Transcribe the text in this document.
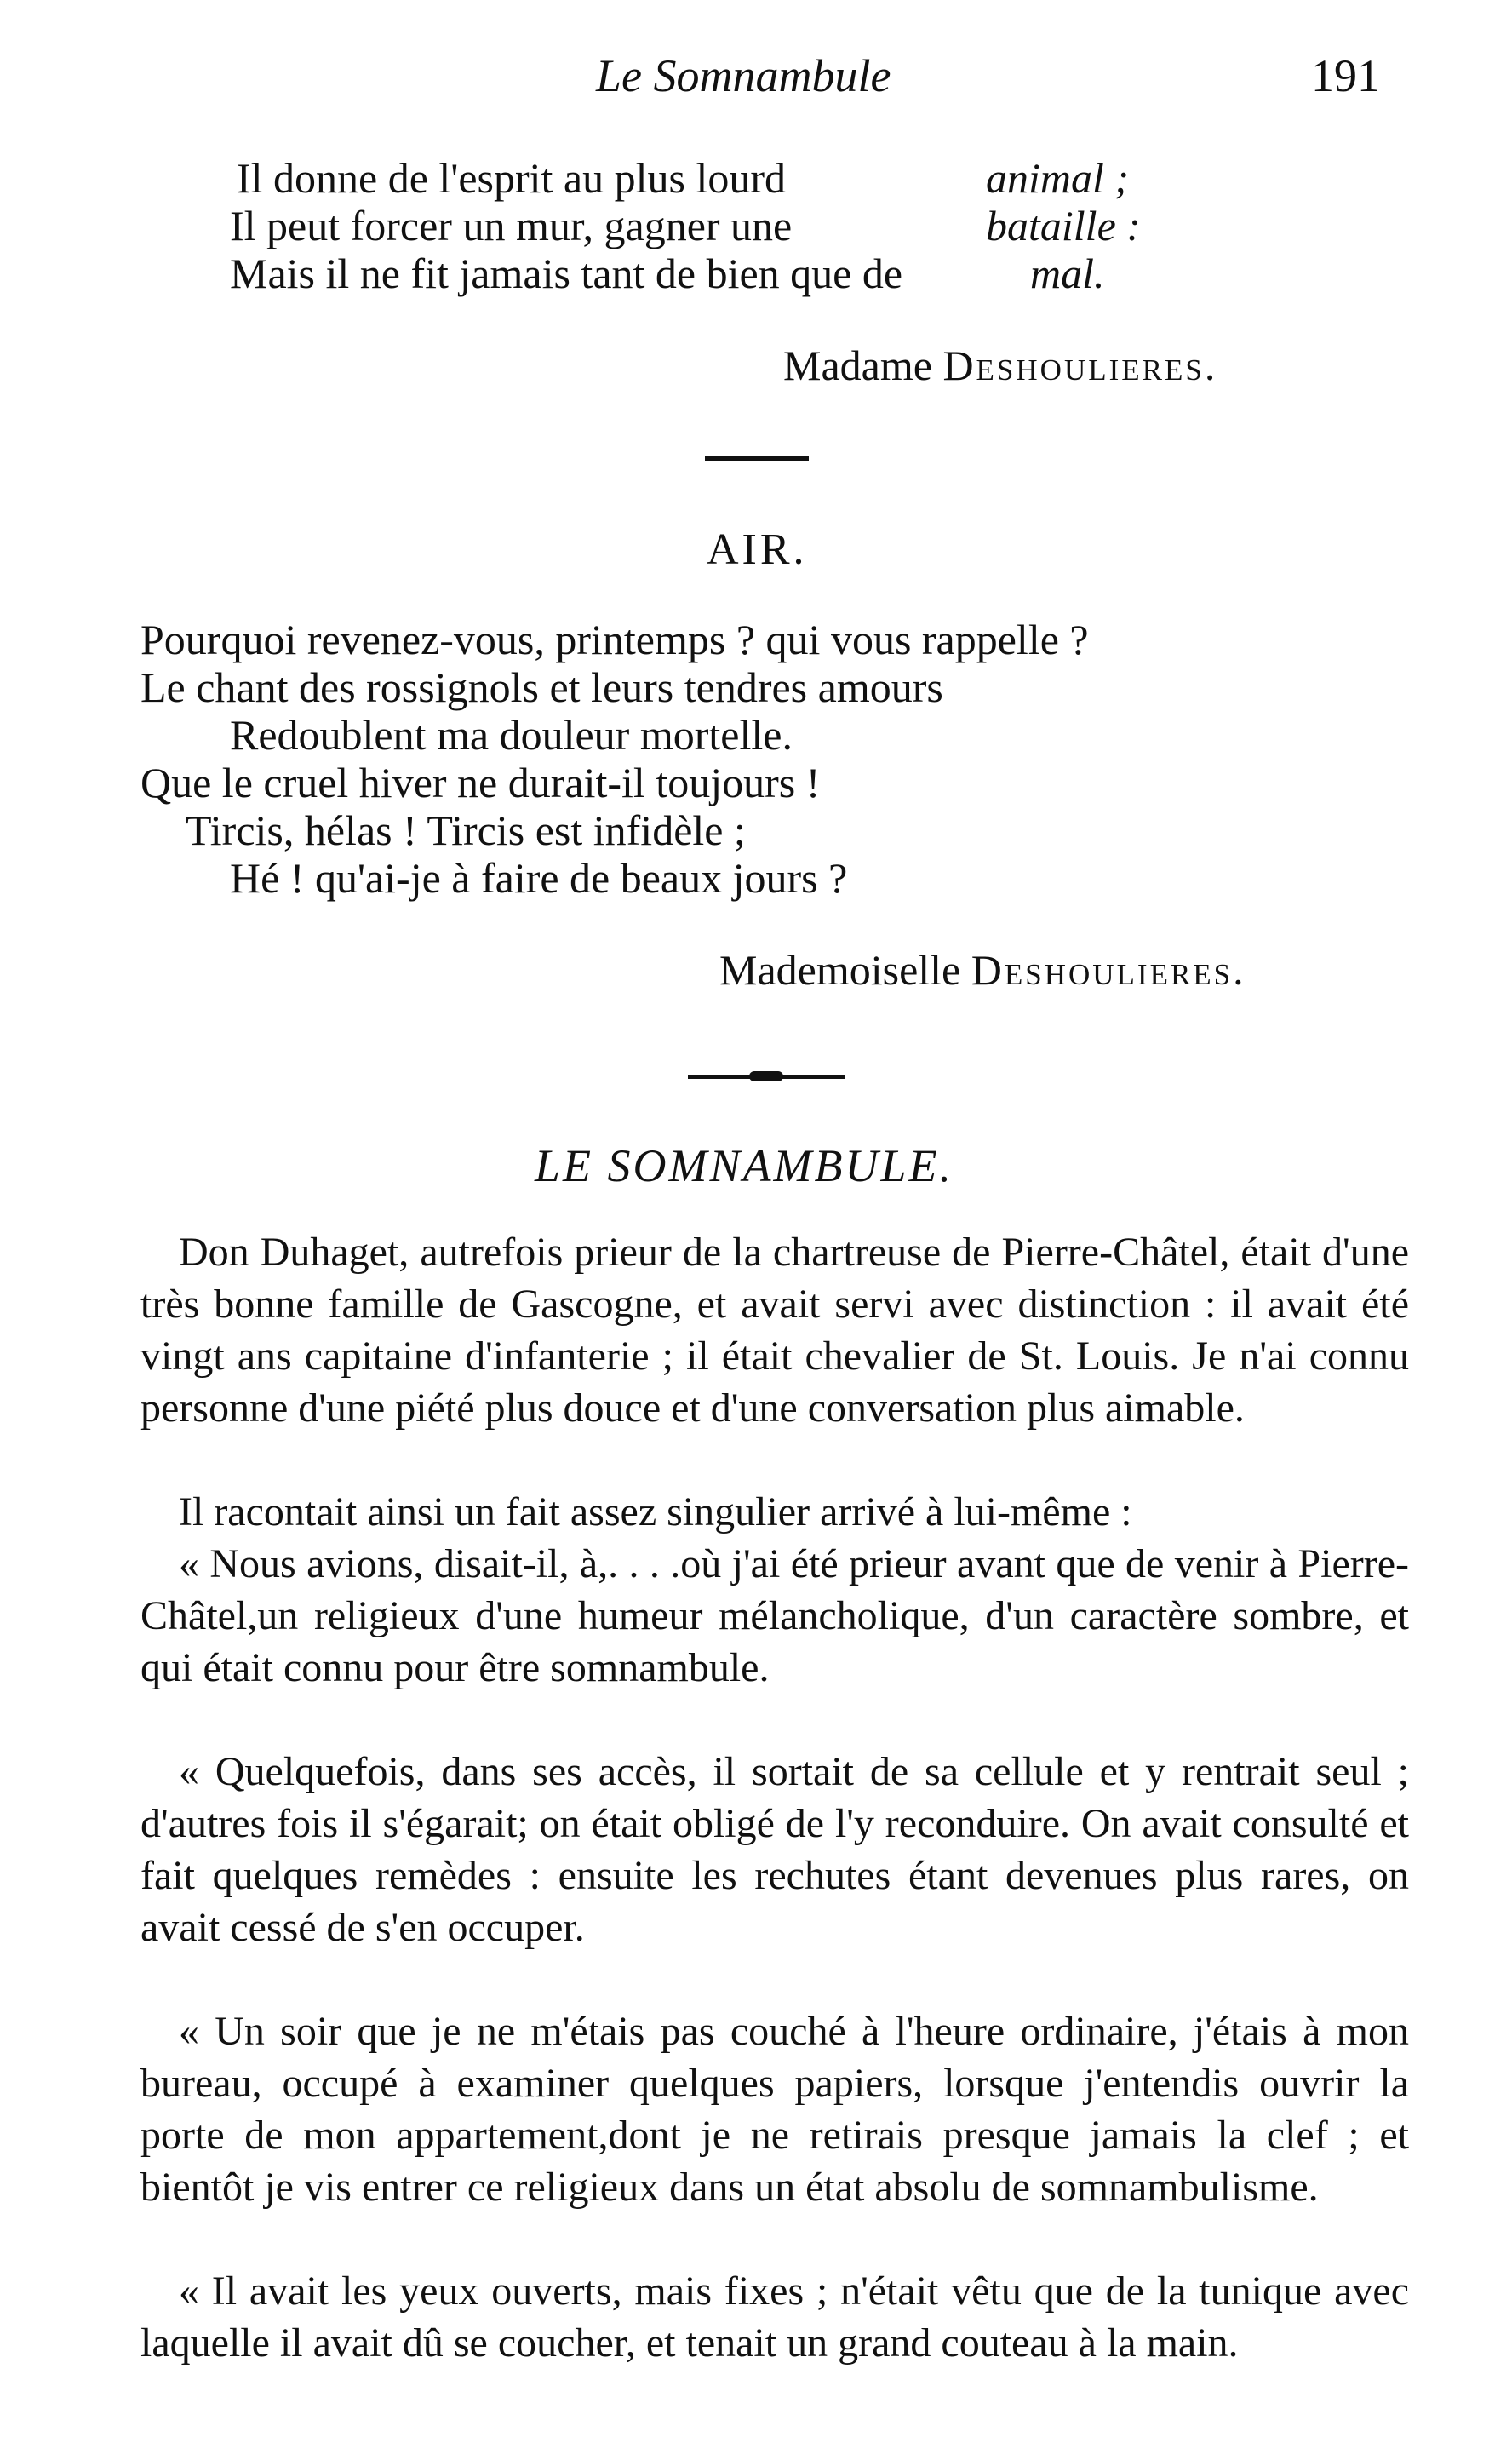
Le Somnambule	191
Il donne de l'esprit au plus lourd	animal ;
Il peut forcer un mur, gagner une	bataille :
Mais il ne fit jamais tant de bien que de	mal.
Madame Deshoulieres.
AIR.
Pourquoi revenez-vous, printemps ? qui vous rappelle ?
Le chant des rossignols et leurs tendres amours
Redoublent ma douleur mortelle.
Que le cruel hiver ne durait-il toujours !
Tircis, hélas ! Tircis est infidèle ;
Hé ! qu'ai-je à faire de beaux jours ?
Mademoiselle Deshoulieres.
LE SOMNAMBULE.
Don Duhaget, autrefois prieur de la chartreuse de Pierre-Châtel, était d'une très bonne famille de Gascogne, et avait servi avec distinction : il avait été vingt ans capitaine d'infanterie ; il était chevalier de St. Louis. Je n'ai connu personne d'une piété plus douce et d'une conversation plus aimable.
Il racontait ainsi un fait assez singulier arrivé à lui-même :
« Nous avions, disait-il, à,. . . .où j'ai été prieur avant que de venir à Pierre-Châtel,un religieux d'une humeur mélancholique, d'un caractère sombre, et qui était connu pour être somnambule.
« Quelquefois, dans ses accès, il sortait de sa cellule et y rentrait seul ; d'autres fois il s'égarait; on était obligé de l'y reconduire. On avait consulté et fait quelques remèdes : ensuite les rechutes étant devenues plus rares, on avait cessé de s'en occuper.
« Un soir que je ne m'étais pas couché à l'heure ordinaire, j'étais à mon bureau, occupé à examiner quelques papiers, lorsque j'entendis ouvrir la porte de mon appartement,dont je ne retirais presque jamais la clef ; et bientôt je vis entrer ce religieux dans un état absolu de somnambulisme.
« Il avait les yeux ouverts, mais fixes ; n'était vêtu que de la tunique avec laquelle il avait dû se coucher, et tenait un grand couteau à la main.
